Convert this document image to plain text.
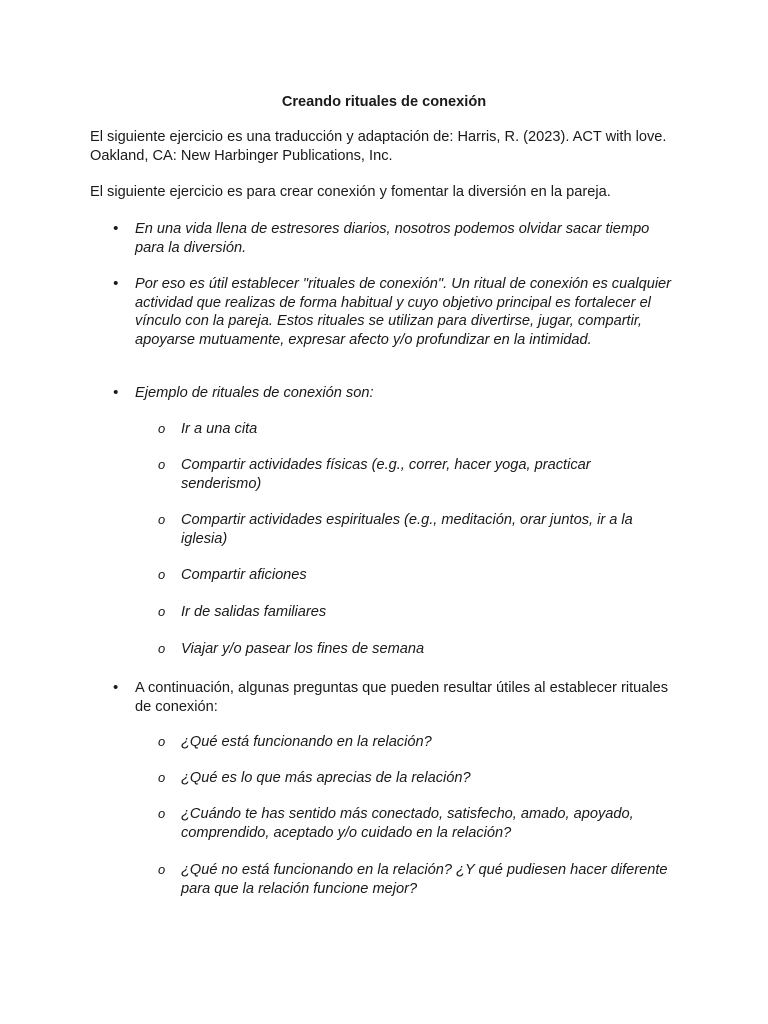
Creando rituales de conexión
El siguiente ejercicio es una traducción y adaptación de: Harris, R. (2023). ACT with love. Oakland, CA: New Harbinger Publications, Inc.
El siguiente ejercicio es para crear conexión y fomentar la diversión en la pareja.
•	En una vida llena de estresores diarios, nosotros podemos olvidar sacar tiempo para la diversión.
•	Por eso es útil establecer "rituales de conexión". Un ritual de conexión es cualquier actividad que realizas de forma habitual y cuyo objetivo principal es fortalecer el vínculo con la pareja. Estos rituales se utilizan para divertirse, jugar, compartir, apoyarse mutuamente, expresar afecto y/o profundizar en la intimidad.
•	Ejemplo de rituales de conexión son:
o	Ir a una cita
o	Compartir actividades físicas (e.g., correr, hacer yoga, practicar senderismo)
o	Compartir actividades espirituales (e.g., meditación, orar juntos, ir a la iglesia)
o	Compartir aficiones
o	Ir de salidas familiares
o	Viajar y/o pasear los fines de semana
•	A continuación, algunas preguntas que pueden resultar útiles al establecer rituales de conexión:
o	¿Qué está funcionando en la relación?
o	¿Qué es lo que más aprecias de la relación?
o	¿Cuándo te has sentido más conectado, satisfecho, amado, apoyado, comprendido, aceptado y/o cuidado en la relación?
o	¿Qué no está funcionando en la relación? ¿Y qué pudiesen hacer diferente para que la relación funcione mejor?
